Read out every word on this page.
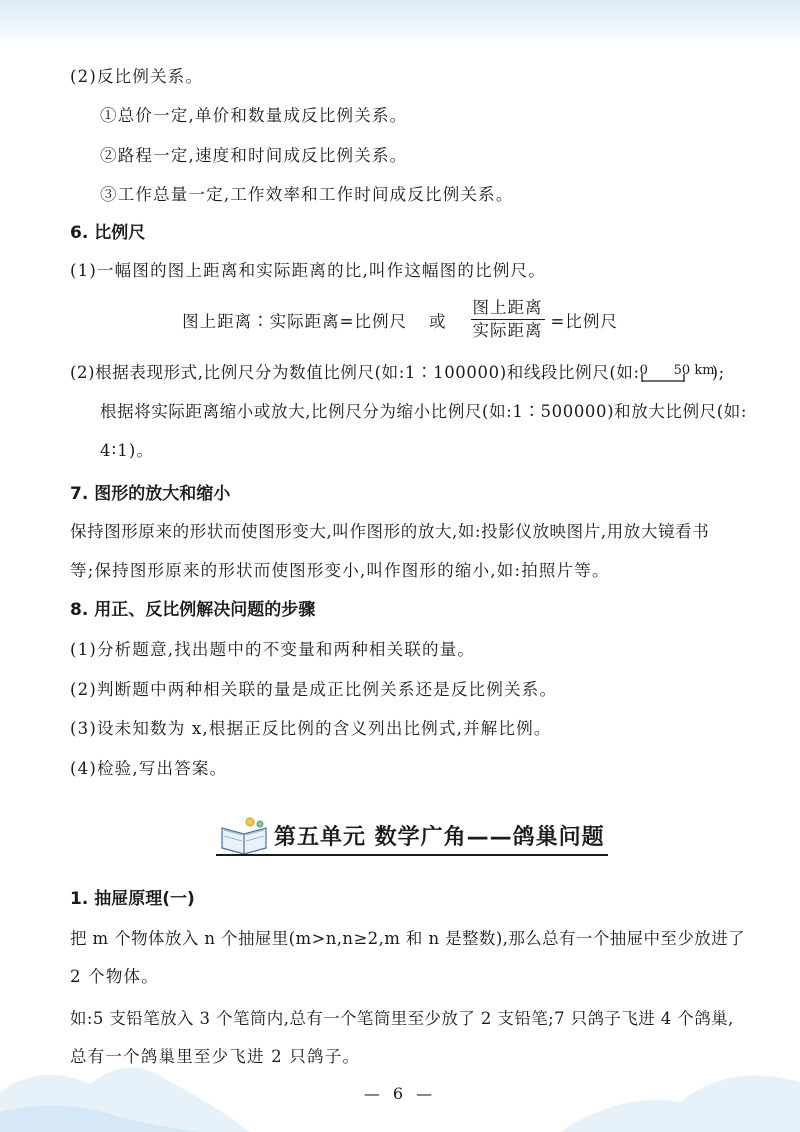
(2)反比例关系。
①总价一定,单价和数量成反比例关系。
②路程一定,速度和时间成反比例关系。
③工作总量一定,工作效率和工作时间成反比例关系。
6. 比例尺
(1)一幅图的图上距离和实际距离的比,叫作这幅图的比例尺。
图上距离∶实际距离=比例尺 或 $\frac{\text{图上距离}}{\text{实际距离}}$ =比例尺
(2)根据表现形式,比例尺分为数值比例尺(如:1∶100000)和线段比例尺(如: 0 50 km
);
根据将实际距离缩小或放大,比例尺分为缩小比例尺(如:1∶500000)和放大比例尺(如:
4∶1)。
7. 图形的放大和缩小
保持图形原来的形状而使图形变大,叫作图形的放大,如:投影仪放映图片,用放大镜看书
等;保持图形原来的形状而使图形变小,叫作图形的缩小,如:拍照片等。
8. 用正、反比例解决问题的步骤
(1)分析题意,找出题中的不变量和两种相关联的量。
(2)判断题中两种相关联的量是成正比例关系还是反比例关系。
(3)设未知数为 x,根据正反比例的含义列出比例式,并解比例。
(4)检验,写出答案。
第五单元 数学广角——鸽巢问题
1. 抽屉原理(一)
把 m 个物体放入 n 个抽屉里(m>n,n≥2,m 和 n 是整数),那么总有一个抽屉中至少放进了
2 个物体。
如:5 支铅笔放入 3 个笔筒内,总有一个笔筒里至少放了 2 支铅笔;7 只鸽子飞进 4 个鸽巢,
总有一个鸽巢里至少飞进 2 只鸽子。
— 6 —
